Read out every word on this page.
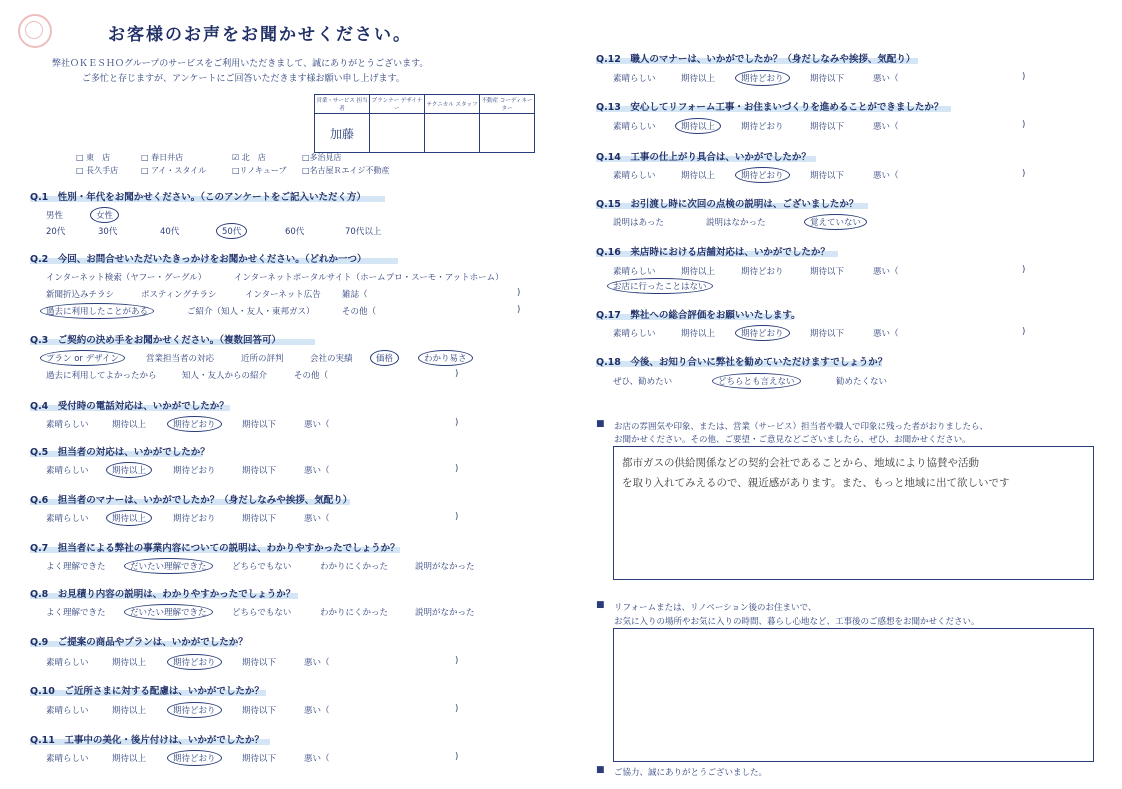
お客様のお声をお聞かせください。
弊社ＯＫＥＳＨＯグループのサービスをご利用いただきまして、誠にありがとうございます。
ご多忙と存じますが、アンケートにご回答いただきます様お願い申し上げます。
営業・サービス 担当者	プランナー デザイナー	テクニカル スタッフ	不動産 コーディネーター
加藤			
□ 東　店	□ 春日井店	☑ 北　店	□多治見店
□ 長久手店	□ アイ・スタイル	□リノキューブ □名古屋Ｒエイジ不動産
Q.1　性別・年代をお聞かせください。（このアンケートをご記入いただく方）
男性	女性
20代	30代	40代	50代	60代	70代以上
Q.2　今回、お問合せいただいたきっかけをお聞かせください。（どれか一つ）
インターネット検索（ヤフー・グーグル）	インターネットポータルサイト（ホームプロ・スーモ・アットホーム）
新聞折込みチラシ	ポスティングチラシ	インターネット広告	雑誌（	)
過去に利用したことがある	ご紹介（知人・友人・東邦ガス）	その他（	)
Q.3　ご契約の決め手をお聞かせください。（複数回答可）
プラン or デザイン	営業担当者の対応	近所の評判	会社の実績	価格	わかり易さ
過去に利用してよかったから	知人・友人からの紹介	その他（	)
Q.4　受付時の電話対応は、いかがでしたか？
素晴らしい	期待以上	期待どおり	期待以下	悪い（	)
Q.5　担当者の対応は、いかがでしたか？
素晴らしい	期待以上	期待どおり	期待以下	悪い（	)
Q.6　担当者のマナーは、いかがでしたか？（身だしなみや挨拶、気配り）
素晴らしい	期待以上	期待どおり	期待以下	悪い（	)
Q.7　担当者による弊社の事業内容についての説明は、わかりやすかったでしょうか？
よく理解できた	だいたい理解できた	どちらでもない	わかりにくかった	説明がなかった
Q.8　お見積り内容の説明は、わかりやすかったでしょうか？
よく理解できた	だいたい理解できた	どちらでもない	わかりにくかった	説明がなかった
Q.9　ご提案の商品やプランは、いかがでしたか？
素晴らしい	期待以上	期待どおり	期待以下	悪い（	)
Q.10　ご近所さまに対する配慮は、いかがでしたか？
素晴らしい	期待以上	期待どおり	期待以下	悪い（	)
Q.11　工事中の美化・後片付けは、いかがでしたか？
素晴らしい	期待以上	期待どおり	期待以下	悪い（	)
Q.12　職人のマナーは、いかがでしたか？（身だしなみや挨拶、気配り）
素晴らしい	期待以上	期待どおり	期待以下	悪い（	)
Q.13　安心してリフォーム工事・お住まいづくりを進めることができましたか？
素晴らしい	期待以上	期待どおり	期待以下	悪い（	)
Q.14　工事の仕上がり具合は、いかがでしたか？
素晴らしい	期待以上	期待どおり	期待以下	悪い（	)
Q.15　お引渡し時に次回の点検の説明は、ございましたか？
説明はあった	説明はなかった	覚えていない
Q.16　来店時における店舗対応は、いかがでしたか？
素晴らしい	期待以上	期待どおり	期待以下	悪い（	)
お店に行ったことはない
Q.17　弊社への総合評価をお願いいたします。
素晴らしい	期待以上	期待どおり	期待以下	悪い（	)
Q.18　今後、お知り合いに弊社を勧めていただけますでしょうか？
ぜひ、勧めたい	どちらとも言えない	勧めたくない
■ お店の雰囲気や印象、または、営業（サービス）担当者や職人で印象に残った者がおりましたら、
お聞かせください。その他、ご要望・ご意見などございましたら、ぜひ、お聞かせください。
都市ガスの供給関係などの契約会社であることから、地域により協賛や活動
を取り入れてみえるので、親近感があります。また、もっと地域に出て欲しいです
■ リフォームまたは、リノベーション後のお住まいで、
お気に入りの場所やお気に入りの時間、暮らし心地など、工事後のご感想をお聞かせください。
■ ご協力、誠にありがとうございました。
